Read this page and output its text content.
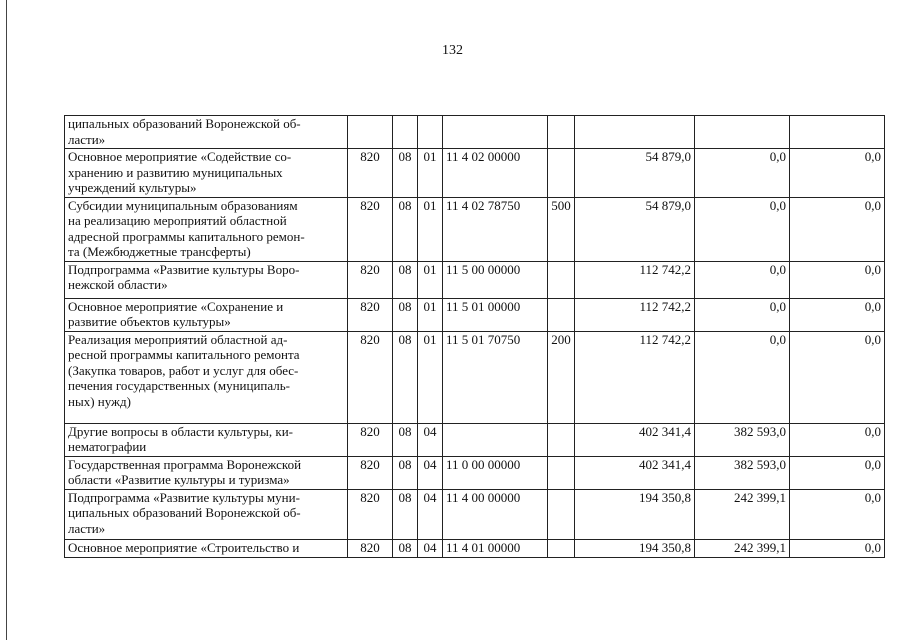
132
ципальных образований Воронежской об-
ласти»								
Основное мероприятие «Содействие со-
хранению и развитию муниципальных
учреждений культуры»	820	08	01	11 4 02 00000		54 879,0	0,0	0,0
Субсидии муниципальным образованиям
на реализацию мероприятий областной
адресной программы капитального ремон-
та (Межбюджетные трансферты)	820	08	01	11 4 02 78750	500	54 879,0	0,0	0,0
Подпрограмма «Развитие культуры Воро-
нежской области»	820	08	01	11 5 00 00000		112 742,2	0,0	0,0
Основное мероприятие «Сохранение и
развитие объектов культуры»	820	08	01	11 5 01 00000		112 742,2	0,0	0,0
Реализация мероприятий областной ад-
ресной программы капитального ремонта
(Закупка товаров, работ и услуг для обес-
печения государственных (муниципаль-
ных) нужд)	820	08	01	11 5 01 70750	200	112 742,2	0,0	0,0
Другие вопросы в области культуры, ки-
нематографии	820	08	04			402 341,4	382 593,0	0,0
Государственная программа Воронежской
области «Развитие культуры и туризма»	820	08	04	11 0 00 00000		402 341,4	382 593,0	0,0
Подпрограмма «Развитие культуры муни-
ципальных образований Воронежской об-
ласти»	820	08	04	11 4 00 00000		194 350,8	242 399,1	0,0
Основное мероприятие «Строительство и	820	08	04	11 4 01 00000		194 350,8	242 399,1	0,0
